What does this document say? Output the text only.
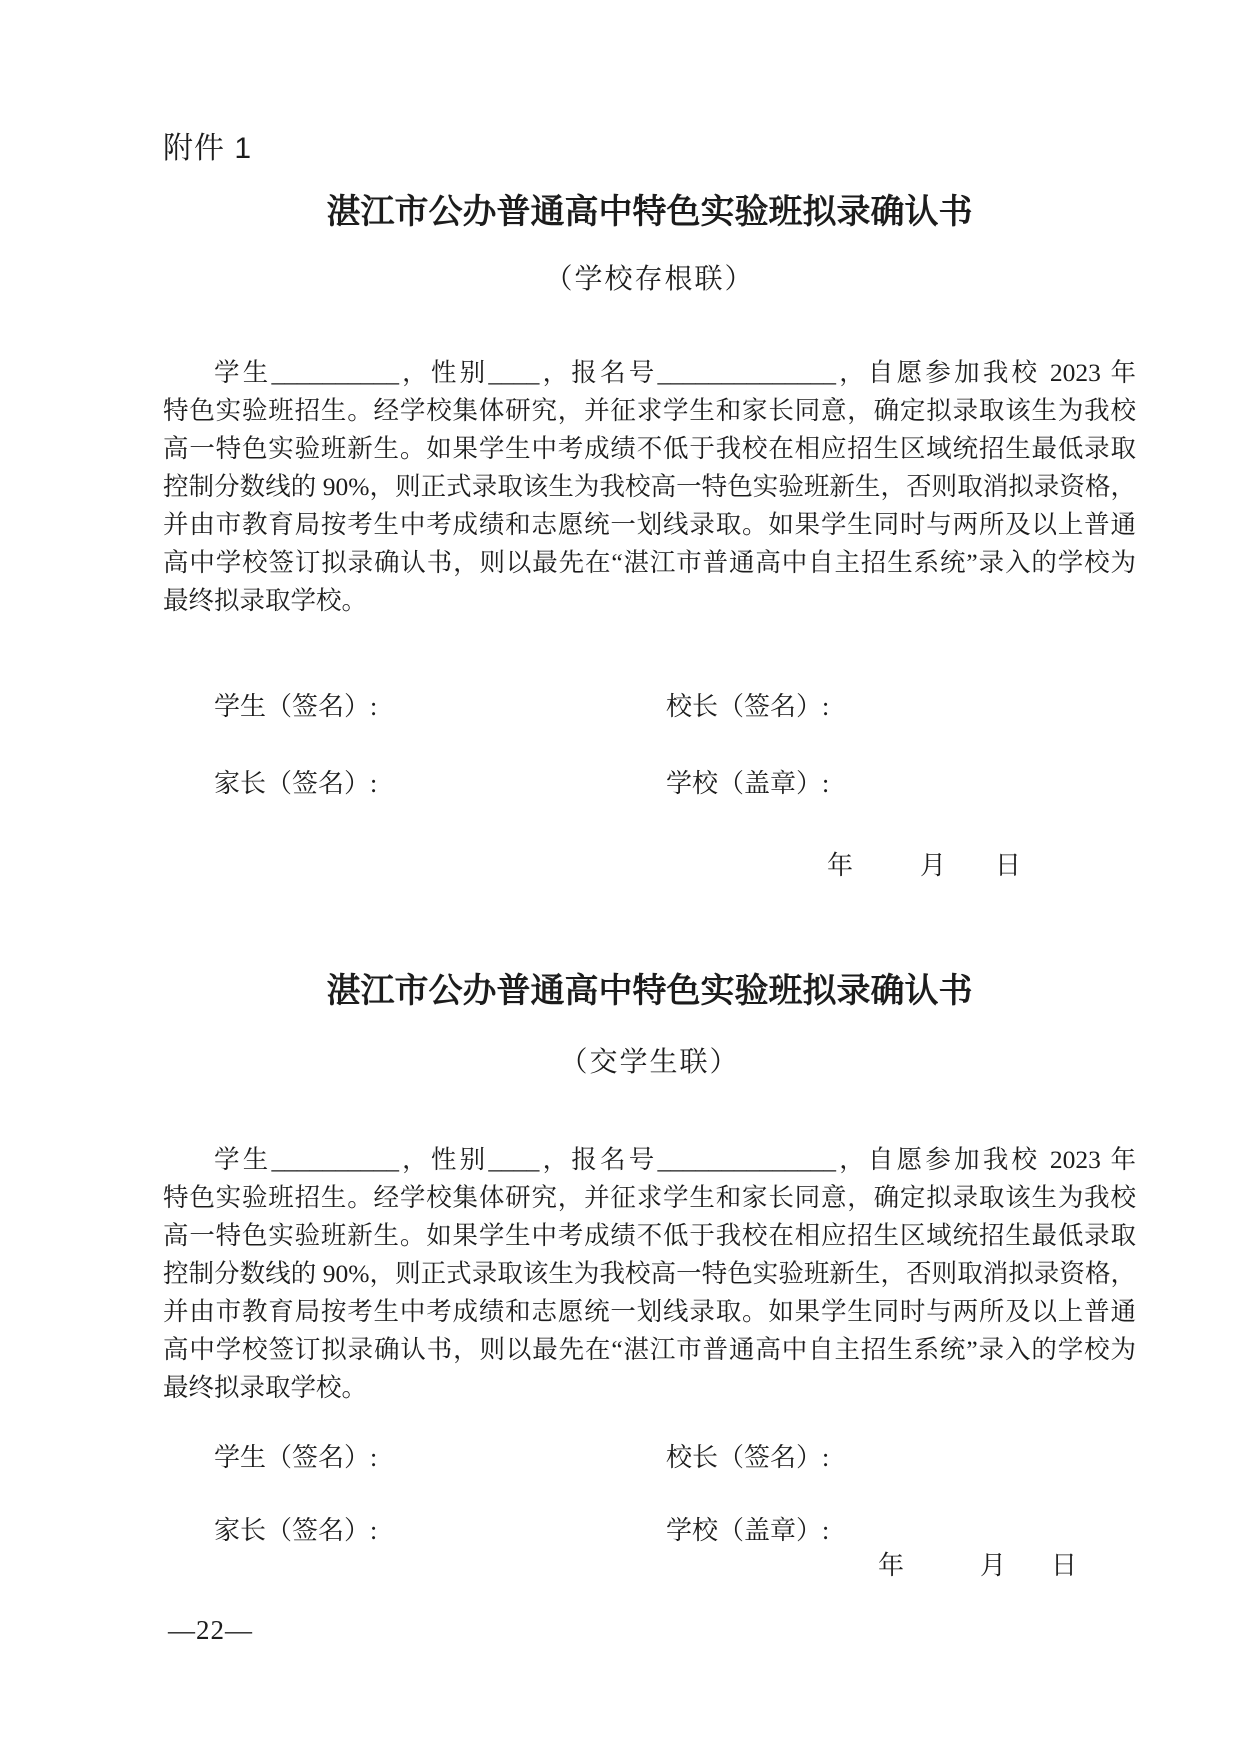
附件 1
湛江市公办普通高中特色实验班拟录确认书
（学校存根联）

学生__________，性别____，报名号______________，自愿参加我校 2023 年

特色实验班招生。经学校集体研究，并征求学生和家长同意，确定拟录取该生为我校

高一特色实验班新生。如果学生中考成绩不低于我校在相应招生区域统招生最低录取

控制分数线的 90%，则正式录取该生为我校高一特色实验班新生，否则取消拟录资格，

并由市教育局按考生中考成绩和志愿统一划线录取。如果学生同时与两所及以上普通

高中学校签订拟录确认书，则以最先在“湛江市普通高中自主招生系统”录入的学校为

最终拟录取学校。

学生（签名）:	校长（签名）:
家长（签名）:	学校（盖章）:
年	月 日
湛江市公办普通高中特色实验班拟录确认书
（交学生联）

学生__________，性别____，报名号______________，自愿参加我校 2023 年

特色实验班招生。经学校集体研究，并征求学生和家长同意，确定拟录取该生为我校

高一特色实验班新生。如果学生中考成绩不低于我校在相应招生区域统招生最低录取

控制分数线的 90%，则正式录取该生为我校高一特色实验班新生，否则取消拟录资格，

并由市教育局按考生中考成绩和志愿统一划线录取。如果学生同时与两所及以上普通

高中学校签订拟录确认书，则以最先在“湛江市普通高中自主招生系统”录入的学校为

最终拟录取学校。

学生（签名）:	校长（签名）:
家长（签名）:	学校（盖章）:
年	月 日
—22—
